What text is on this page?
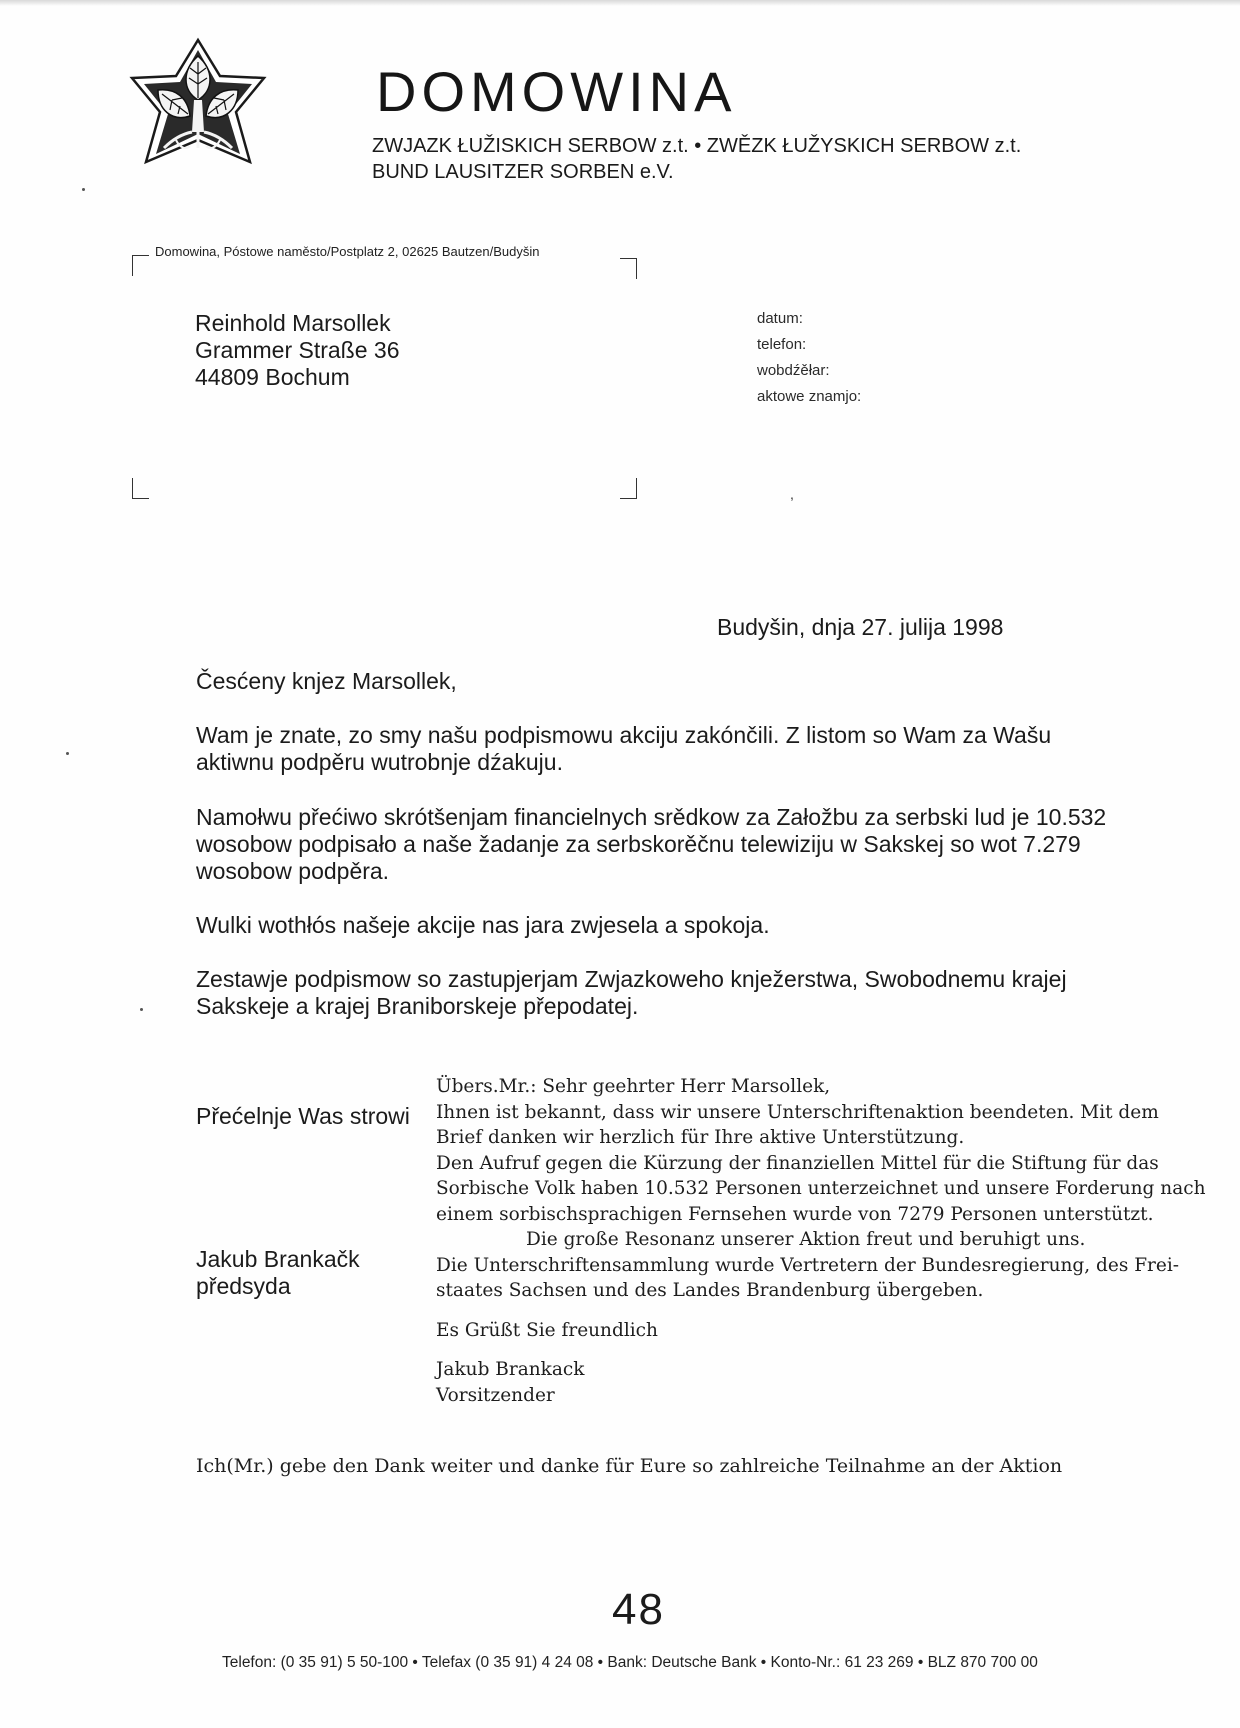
DOMOWINA
ZWJAZK ŁUŽISKICH SERBOW z.t. • ZWĚZK ŁUŽYSKICH SERBOW z.t.
BUND LAUSITZER SORBEN e.V.
Domowina, Póstowe naměsto/Postplatz 2, 02625 Bautzen/Budyšin
Reinhold Marsollek
Grammer Straße 36
44809 Bochum
datum:
telefon:
wobdźěłar:
aktowe znamjo:
,
Budyšin, dnja 27. julija 1998
Česćeny knjez Marsollek,
Wam je znate, zo smy našu podpismowu akciju zakónčili. Z listom so Wam za Wašu
aktiwnu podpěru wutrobnje dźakuju.
Namołwu přećiwo skrótšenjam financielnych srědkow za Załožbu za serbski lud je 10.532
wosobow podpisało a naše žadanje za serbskorěčnu telewiziju w Sakskej so wot 7.279
wosobow podpěra.
Wulki wothłós našeje akcije nas jara zwjesela a spokoja.
Zestawje podpismow so zastupjerjam Zwjazkoweho knježerstwa, Swobodnemu krajej
Sakskeje a krajej Braniborskeje přepodatej.
Přećelnje Was strowi
Jakub Brankačk
předsyda
Übers.Mr.: Sehr geehrter Herr Marsollek,
Ihnen ist bekannt, dass wir unsere Unterschriftenaktion beendeten. Mit dem
Brief danken wir herzlich für Ihre aktive Unterstützung.
Den Aufruf gegen die Kürzung der finanziellen Mittel für die Stiftung für das
Sorbische Volk haben 10.532 Personen unterzeichnet und unsere Forderung nach
einem sorbischsprachigen Fernsehen wurde von 7279 Personen unterstützt.
Die große Resonanz unserer Aktion freut und beruhigt uns.
Die Unterschriftensammlung wurde Vertretern der Bundesregierung, des Frei-
staates Sachsen und des Landes Brandenburg übergeben.
Es Grüßt Sie freundlich
Jakub Brankack
Vorsitzender
Ich(Mr.) gebe den Dank weiter und danke für Eure so zahlreiche Teilnahme an der Aktion
48
Telefon: (0 35 91) 5 50-100 • Telefax (0 35 91) 4 24 08 • Bank: Deutsche Bank • Konto-Nr.: 61 23 269 • BLZ 870 700 00
